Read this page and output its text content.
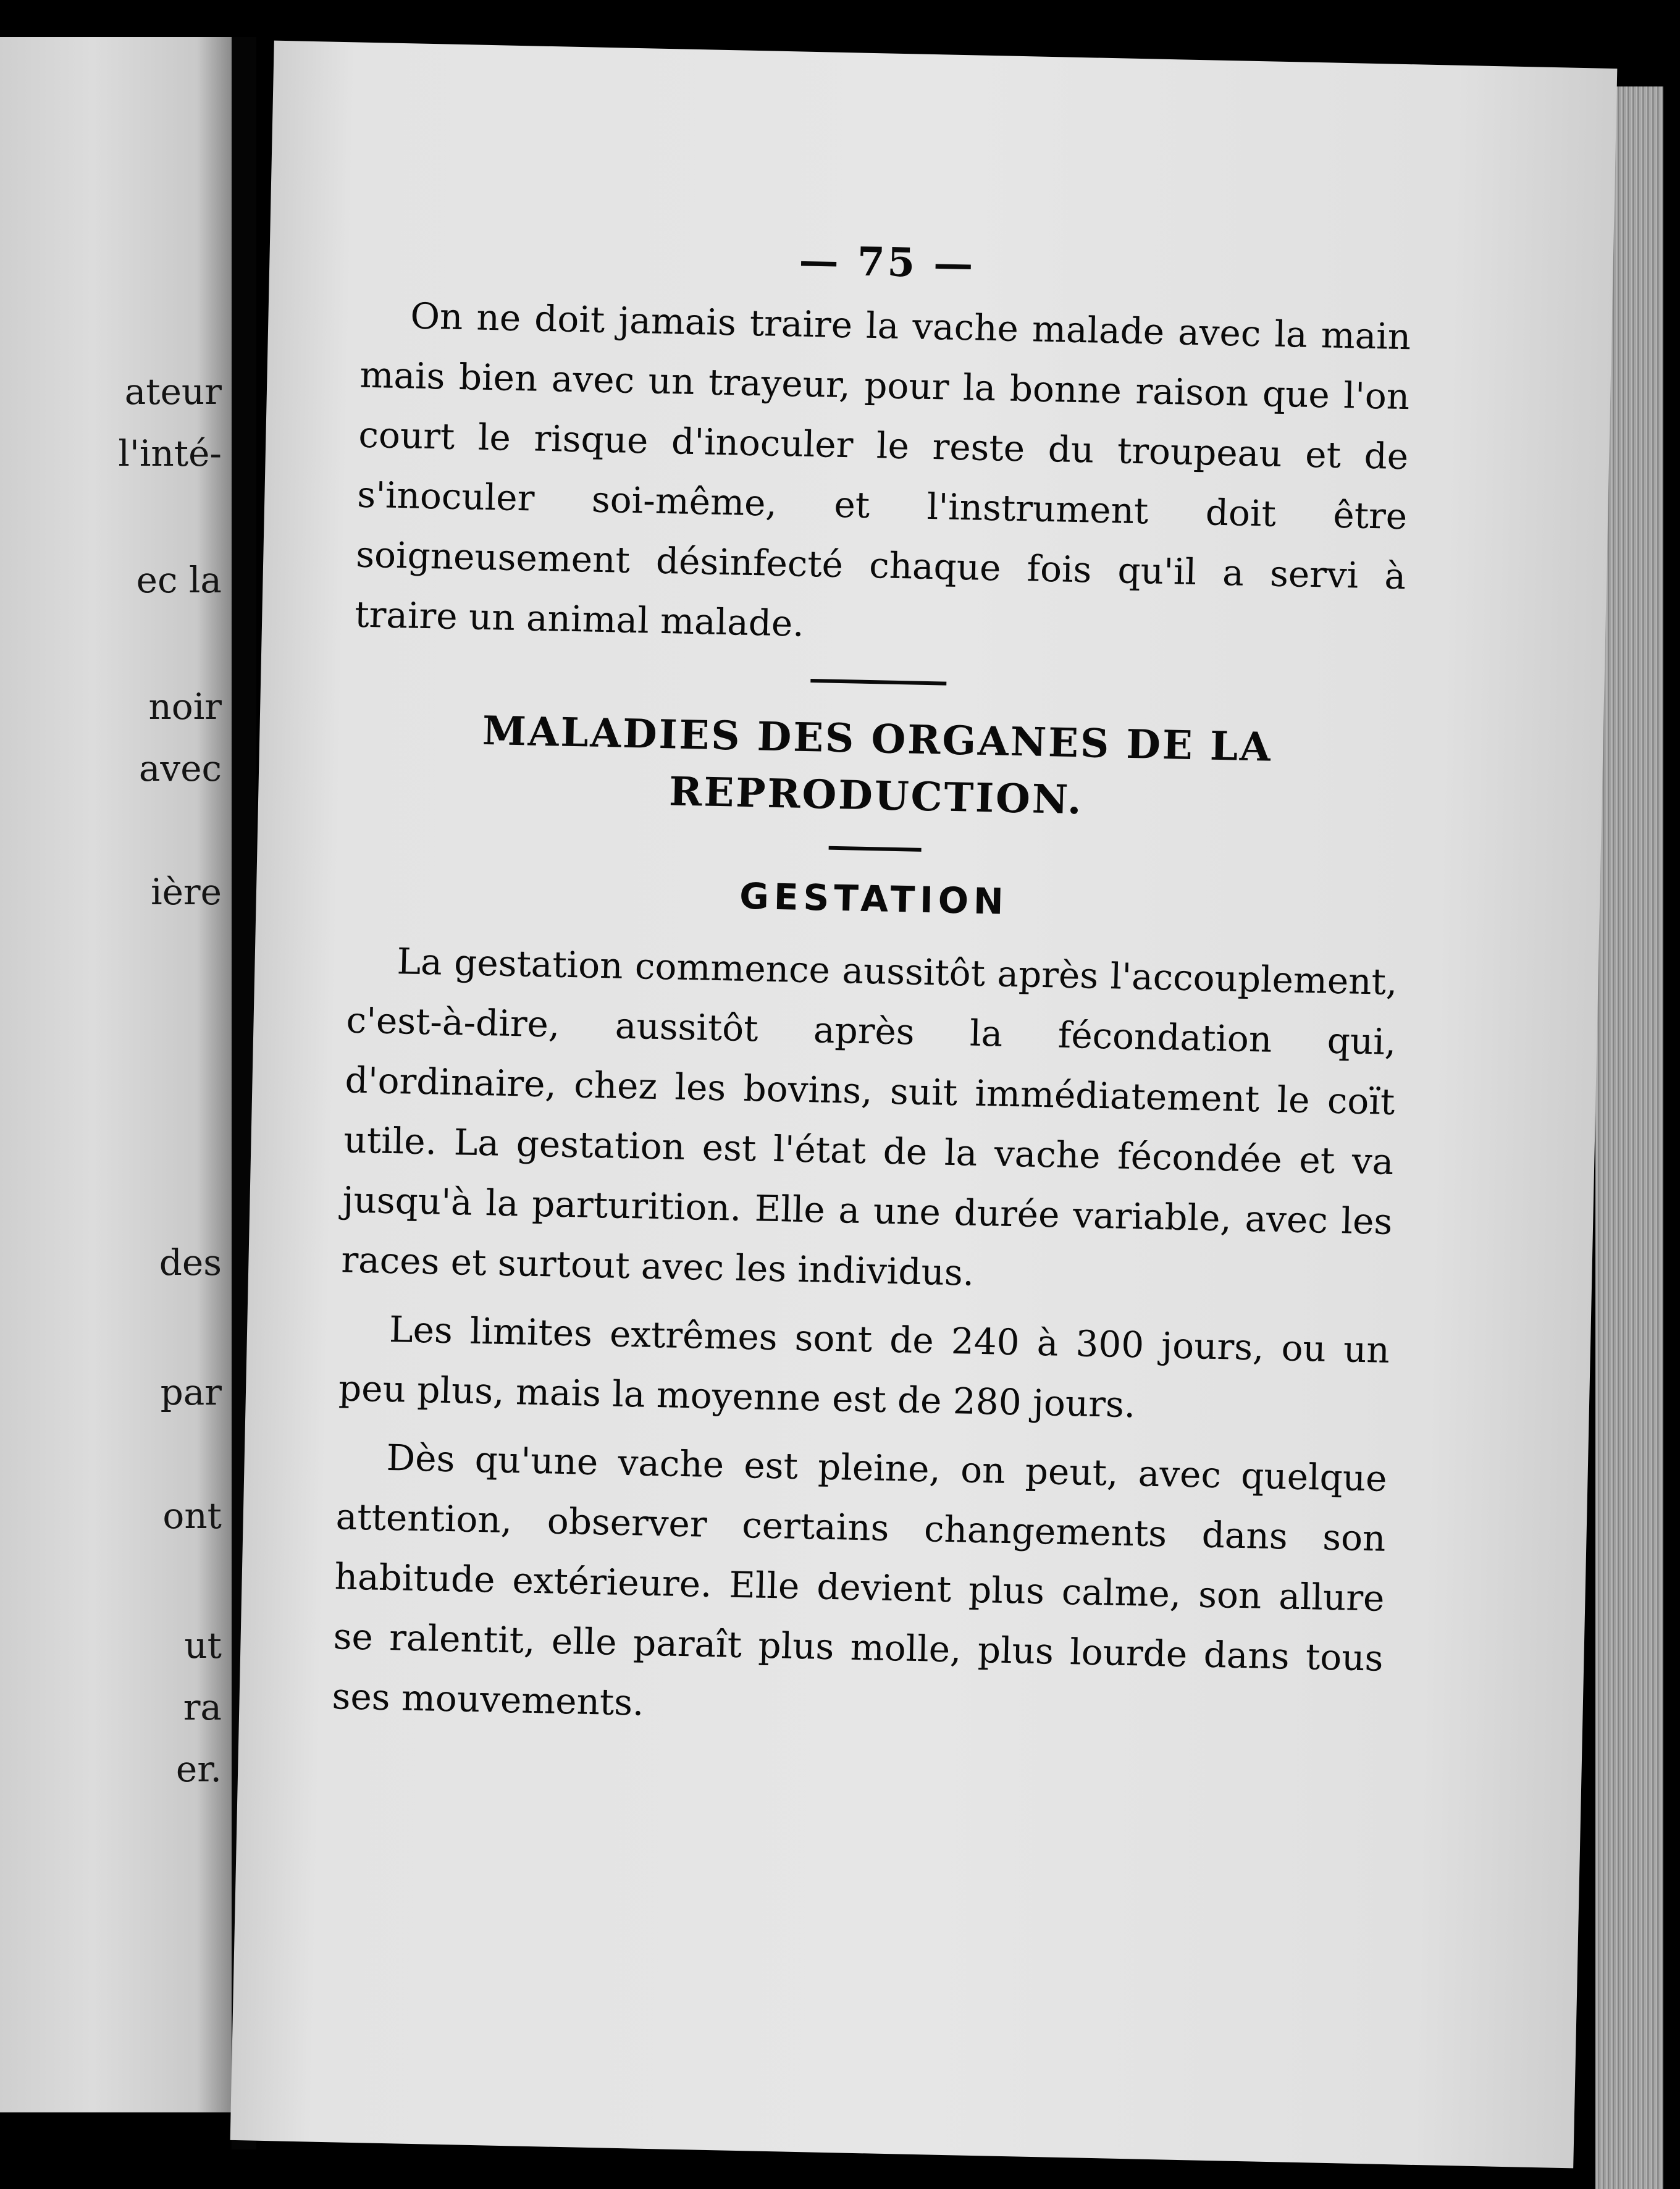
ateur
l'inté-
ec la
noir
avec
ière
des
par
ont
ut
ra
er.
— 75 —

On ne doit jamais traire la vache malade avec la main mais bien avec un trayeur, pour la bonne raison que l'on court le risque d'inoculer le reste du troupeau et de s'inoculer soi-même, et l'instrument doit être soigneusement désinfecté chaque fois qu'il a servi à traire un animal malade.

MALADIES DES ORGANES DE LA

REPRODUCTION.

GESTATION

La gestation commence aussitôt après l'accouplement, c'est-à-dire, aussitôt après la fécondation qui, d'ordinaire, chez les bovins, suit immédiatement le coït utile. La gestation est l'état de la vache fécondée et va jusqu'à la parturition. Elle a une durée variable, avec les races et surtout avec les individus.

Les limites extrêmes sont de 240 à 300 jours, ou un peu plus, mais la moyenne est de 280 jours.

Dès qu'une vache est pleine, on peut, avec quelque attention, observer certains changements dans son habitude extérieure. Elle devient plus calme, son allure se ralentit, elle paraît plus molle, plus lourde dans tous ses mouvements.
